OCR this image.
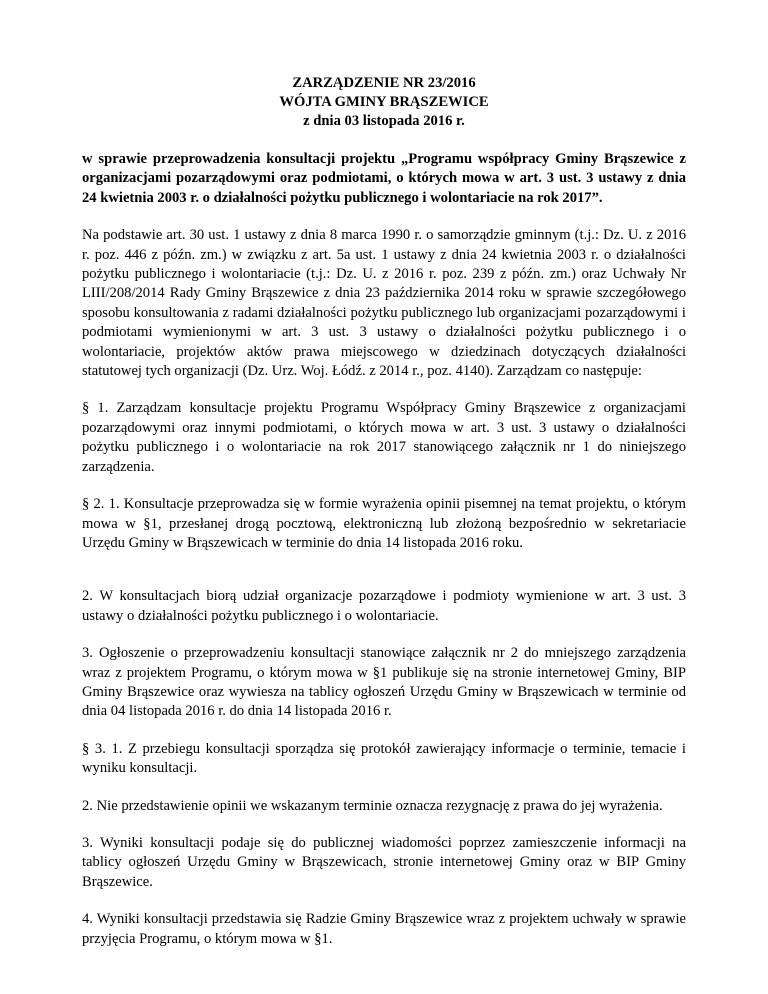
ZARZĄDZENIE NR 23/2016
WÓJTA GMINY BRĄSZEWICE
z dnia 03 listopada 2016 r.

w sprawie przeprowadzenia konsultacji projektu „Programu współpracy Gminy Brąszewice z organizacjami pozarządowymi oraz podmiotami, o których mowa w art. 3 ust. 3 ustawy z dnia 24 kwietnia 2003 r. o działalności pożytku publicznego i wolontariacie na rok 2017”.

Na podstawie art. 30 ust. 1 ustawy z dnia 8 marca 1990 r. o samorządzie gminnym (t.j.: Dz. U. z 2016 r. poz. 446 z późn. zm.) w związku z art. 5a ust. 1 ustawy z dnia 24 kwietnia 2003 r. o działalności pożytku publicznego i wolontariacie (t.j.: Dz. U. z 2016 r. poz. 239 z późn. zm.) oraz Uchwały Nr LIII/208/2014 Rady Gminy Brąszewice z dnia 23 października 2014 roku w sprawie szczegółowego sposobu konsultowania z radami działalności pożytku publicznego lub organizacjami pozarządowymi i podmiotami wymienionymi w art. 3 ust. 3 ustawy o działalności pożytku publicznego i o wolontariacie, projektów aktów prawa miejscowego w dziedzinach dotyczących działalności statutowej tych organizacji (Dz. Urz. Woj. Łódź. z 2014 r., poz. 4140). Zarządzam co następuje:

§ 1. Zarządzam konsultacje projektu Programu Współpracy Gminy Brąszewice z organizacjami pozarządowymi oraz innymi podmiotami, o których mowa w art. 3 ust. 3 ustawy o działalności pożytku publicznego i o wolontariacie na rok 2017 stanowiącego załącznik nr 1 do niniejszego zarządzenia.

§ 2. 1. Konsultacje przeprowadza się w formie wyrażenia opinii pisemnej na temat projektu, o którym mowa w §1, przesłanej drogą pocztową, elektroniczną lub złożoną bezpośrednio w sekretariacie Urzędu Gminy w Brąszewicach w terminie do dnia 14 listopada 2016 roku.

2. W konsultacjach biorą udział organizacje pozarządowe i podmioty wymienione w art. 3 ust. 3 ustawy o działalności pożytku publicznego i o wolontariacie.

3. Ogłoszenie o przeprowadzeniu konsultacji stanowiące załącznik nr 2 do mniejszego zarządzenia wraz z projektem Programu, o którym mowa w §1 publikuje się na stronie internetowej Gminy, BIP Gminy Brąszewice oraz wywiesza na tablicy ogłoszeń Urzędu Gminy w Brąszewicach w terminie od dnia 04 listopada 2016 r. do dnia 14 listopada 2016 r.

§ 3. 1. Z przebiegu konsultacji sporządza się protokół zawierający informacje o terminie, temacie i wyniku konsultacji.

2. Nie przedstawienie opinii we wskazanym terminie oznacza rezygnację z prawa do jej wyrażenia.

3. Wyniki konsultacji podaje się do publicznej wiadomości poprzez zamieszczenie informacji na tablicy ogłoszeń Urzędu Gminy w Brąszewicach, stronie internetowej Gminy oraz w BIP Gminy Brąszewice.

4. Wyniki konsultacji przedstawia się Radzie Gminy Brąszewice wraz z projektem uchwały w sprawie przyjęcia Programu, o którym mowa w §1.
